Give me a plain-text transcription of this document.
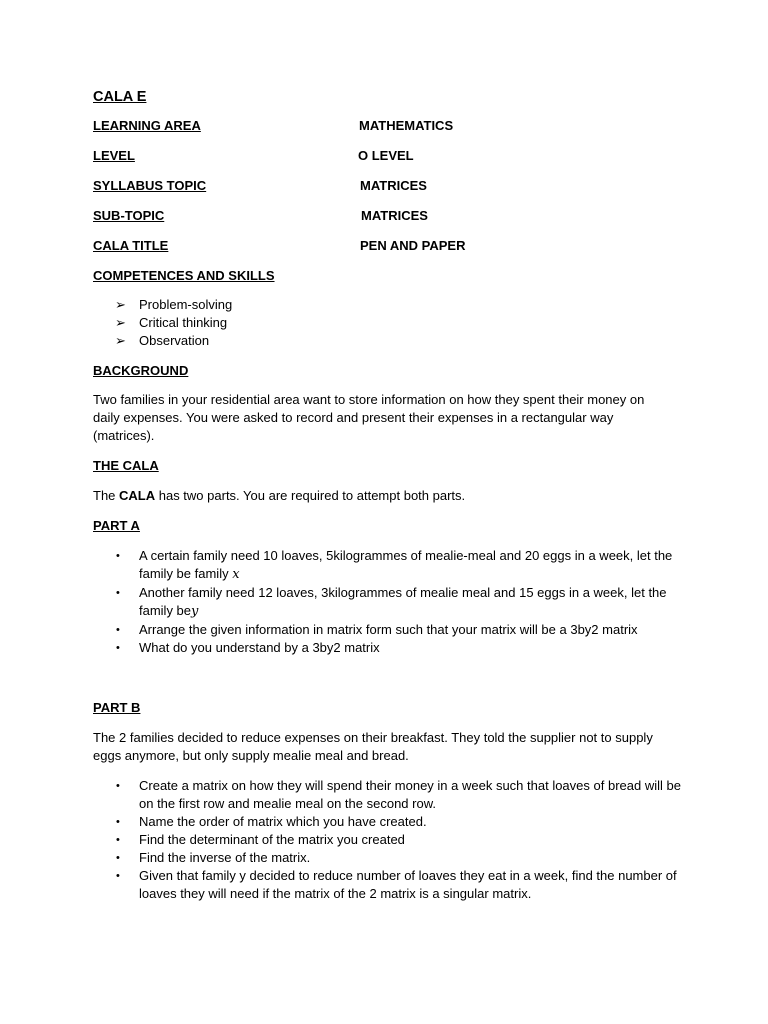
CALA E
LEARNING AREA	MATHEMATICS
LEVEL	O LEVEL
SYLLABUS TOPIC	MATRICES
SUB-TOPIC	MATRICES
CALA TITLE	PEN AND PAPER
COMPETENCES AND SKILLS
➢ Problem-solving
➢ Critical thinking
➢ Observation
BACKGROUND

Two families in your residential area want to store information on how they spent their money on daily expenses. You were asked to record and present their expenses in a rectangular way (matrices).

THE CALA

The CALA has two parts. You are required to attempt both parts.

PART A
• A certain family need 10 loaves, 5kilogrammes of mealie-meal and 20 eggs in a week, let the family be family x
• Another family need 12 loaves, 3kilogrammes of mealie meal and 15 eggs in a week, let the family bey
• Arrange the given information in matrix form such that your matrix will be a 3by2 matrix
• What do you understand by a 3by2 matrix
PART B

The 2 families decided to reduce expenses on their breakfast. They told the supplier not to supply eggs anymore, but only supply mealie meal and bread.

• Create a matrix on how they will spend their money in a week such that loaves of bread will be on the first row and mealie meal on the second row.
• Name the order of matrix which you have created.
• Find the determinant of the matrix you created
• Find the inverse of the matrix.
• Given that family y decided to reduce number of loaves they eat in a week, find the number of loaves they will need if the matrix of the 2 matrix is a singular matrix.
